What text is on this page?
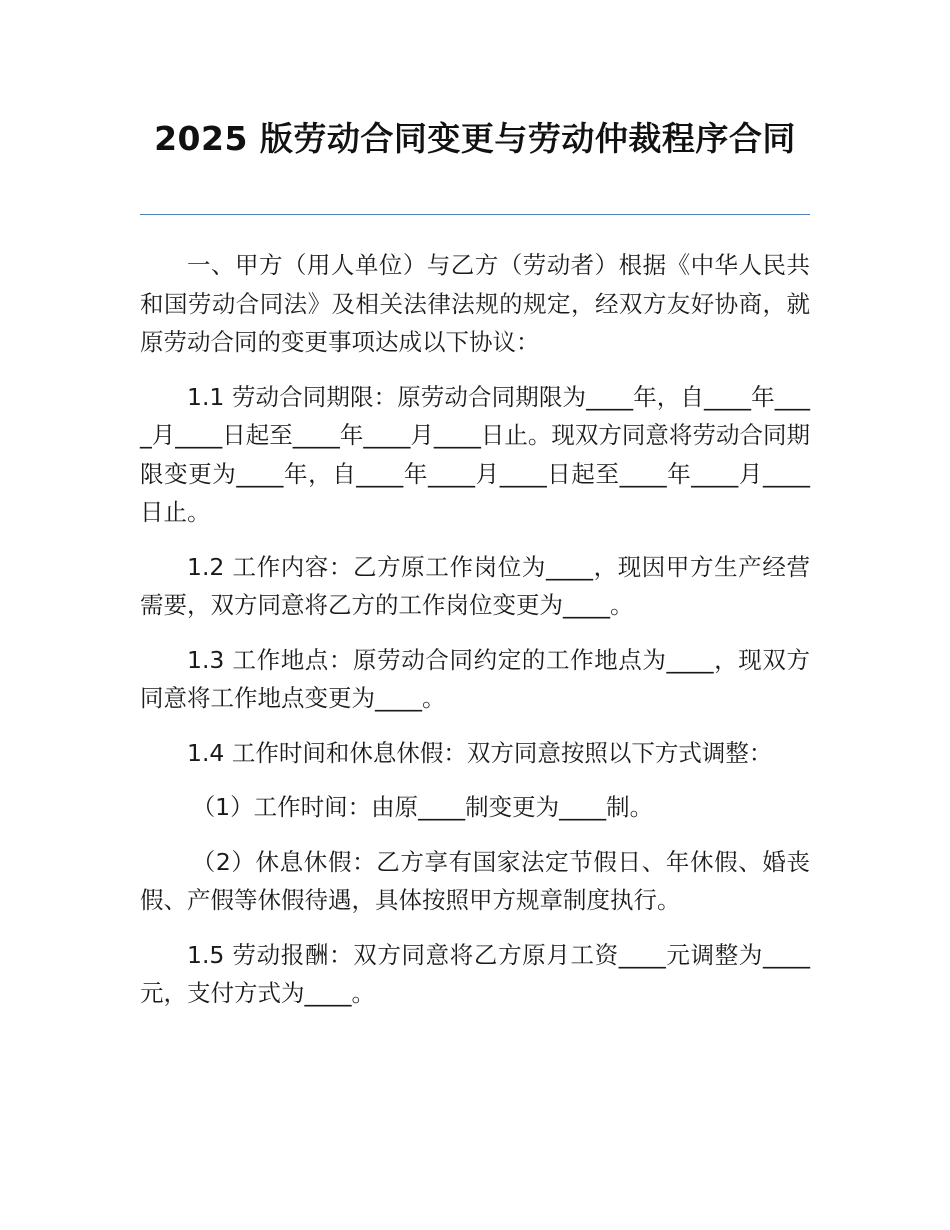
2025 版劳动合同变更与劳动仲裁程序合同

一、甲方（用人单位）与乙方（劳动者）根据《中华人民共和国劳动合同法》及相关法律法规的规定，经双方友好协商，就原劳动合同的变更事项达成以下协议：

1.1 劳动合同期限：原劳动合同期限为____年，自____年____月____日起至____年____月____日止。现双方同意将劳动合同期限变更为____年，自____年____月____日起至____年____月____日止。

1.2 工作内容：乙方原工作岗位为____，现因甲方生产经营需要，双方同意将乙方的工作岗位变更为____。

1.3 工作地点：原劳动合同约定的工作地点为____，现双方同意将工作地点变更为____。

1.4 工作时间和休息休假：双方同意按照以下方式调整：

（1）工作时间：由原____制变更为____制。

（2）休息休假：乙方享有国家法定节假日、年休假、婚丧假、产假等休假待遇，具体按照甲方规章制度执行。

1.5 劳动报酬：双方同意将乙方原月工资____元调整为____元，支付方式为____。
